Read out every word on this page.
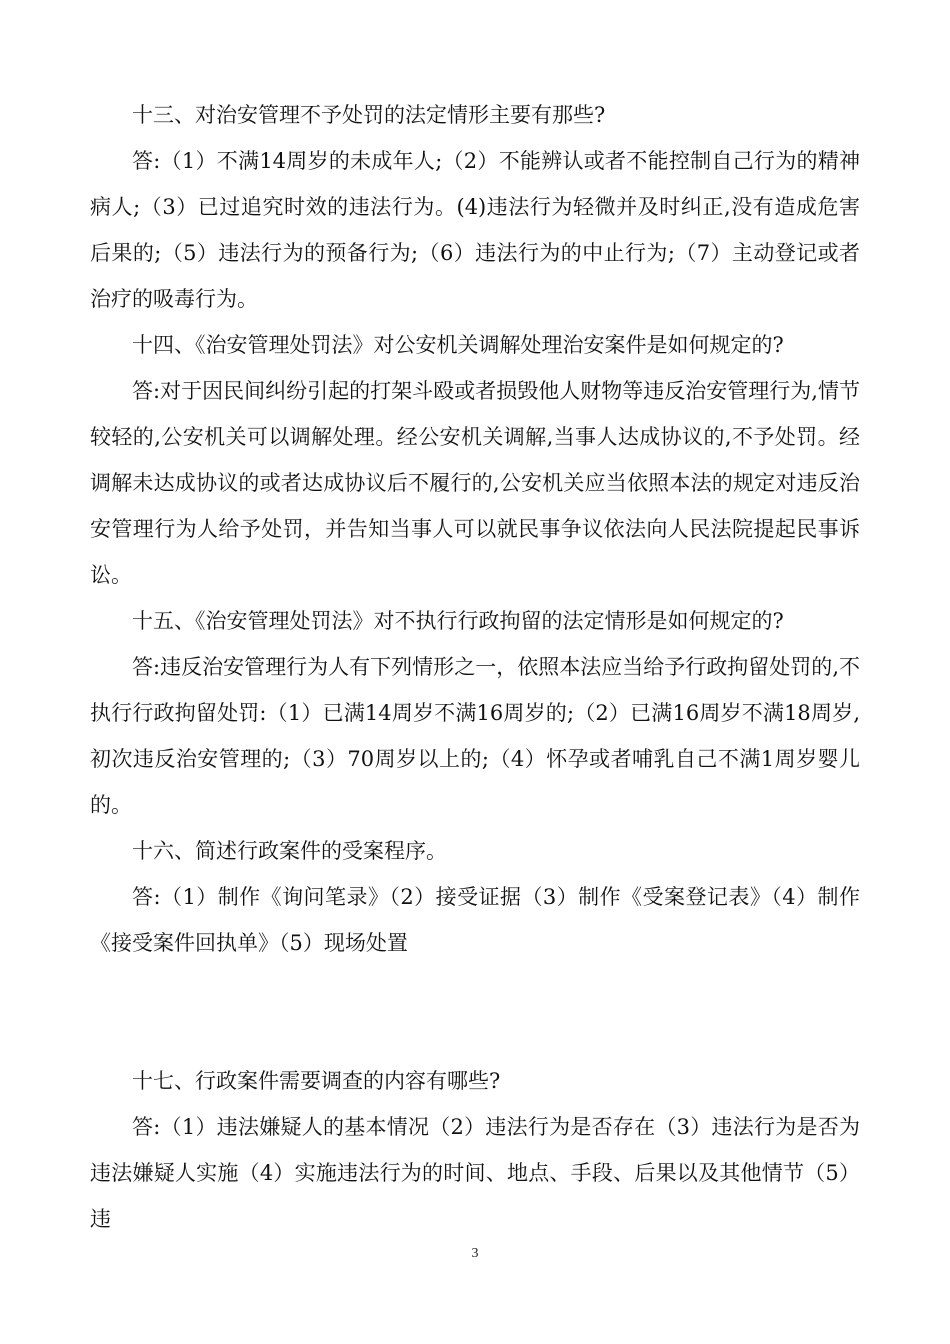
十三、对治安管理不予处罚的法定情形主要有那些?

答:（1）不满14周岁的未成年人;（2）不能辨认或者不能控制自己行为的精神病人;（3）已过追究时效的违法行为。(4)违法行为轻微并及时纠正,没有造成危害后果的;（5）违法行为的预备行为;（6）违法行为的中止行为;（7）主动登记或者治疗的吸毒行为。

十四、《治安管理处罚法》对公安机关调解处理治安案件是如何规定的?

答:对于因民间纠纷引起的打架斗殴或者损毁他人财物等违反治安管理行为,情节较轻的,公安机关可以调解处理。经公安机关调解,当事人达成协议的,不予处罚。经调解未达成协议的或者达成协议后不履行的,公安机关应当依照本法的规定对违反治安管理行为人给予处罚，并告知当事人可以就民事争议依法向人民法院提起民事诉讼。

十五、《治安管理处罚法》对不执行行政拘留的法定情形是如何规定的?

答:违反治安管理行为人有下列情形之一，依照本法应当给予行政拘留处罚的,不执行行政拘留处罚:（1）已满14周岁不满16周岁的;（2）已满16周岁不满18周岁,初次违反治安管理的;（3）70周岁以上的;（4）怀孕或者哺乳自己不满1周岁婴儿的。

十六、简述行政案件的受案程序。

答:（1）制作《询问笔录》（2）接受证据（3）制作《受案登记表》（4）制作《接受案件回执单》（5）现场处置

十七、行政案件需要调查的内容有哪些?

答:（1）违法嫌疑人的基本情况（2）违法行为是否存在（3）违法行为是否为违法嫌疑人实施（4）实施违法行为的时间、地点、手段、后果以及其他情节（5）违

3
